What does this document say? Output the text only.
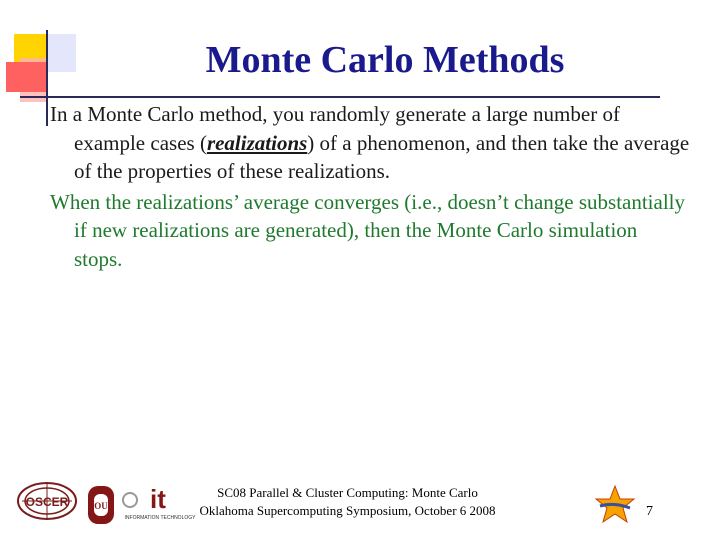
Monte Carlo Methods
In a Monte Carlo method, you randomly generate a large number of example cases (realizations) of a phenomenon, and then take the average of the properties of these realizations.
When the realizations’ average converges (i.e., doesn’t change substantially if new realizations are generated), then the Monte Carlo simulation stops.
OSCER	OU it
INFORMATION TECHNOLOGY
SC08 Parallel & Cluster Computing: Monte Carlo
Oklahoma Supercomputing Symposium, October 6 2008	7
